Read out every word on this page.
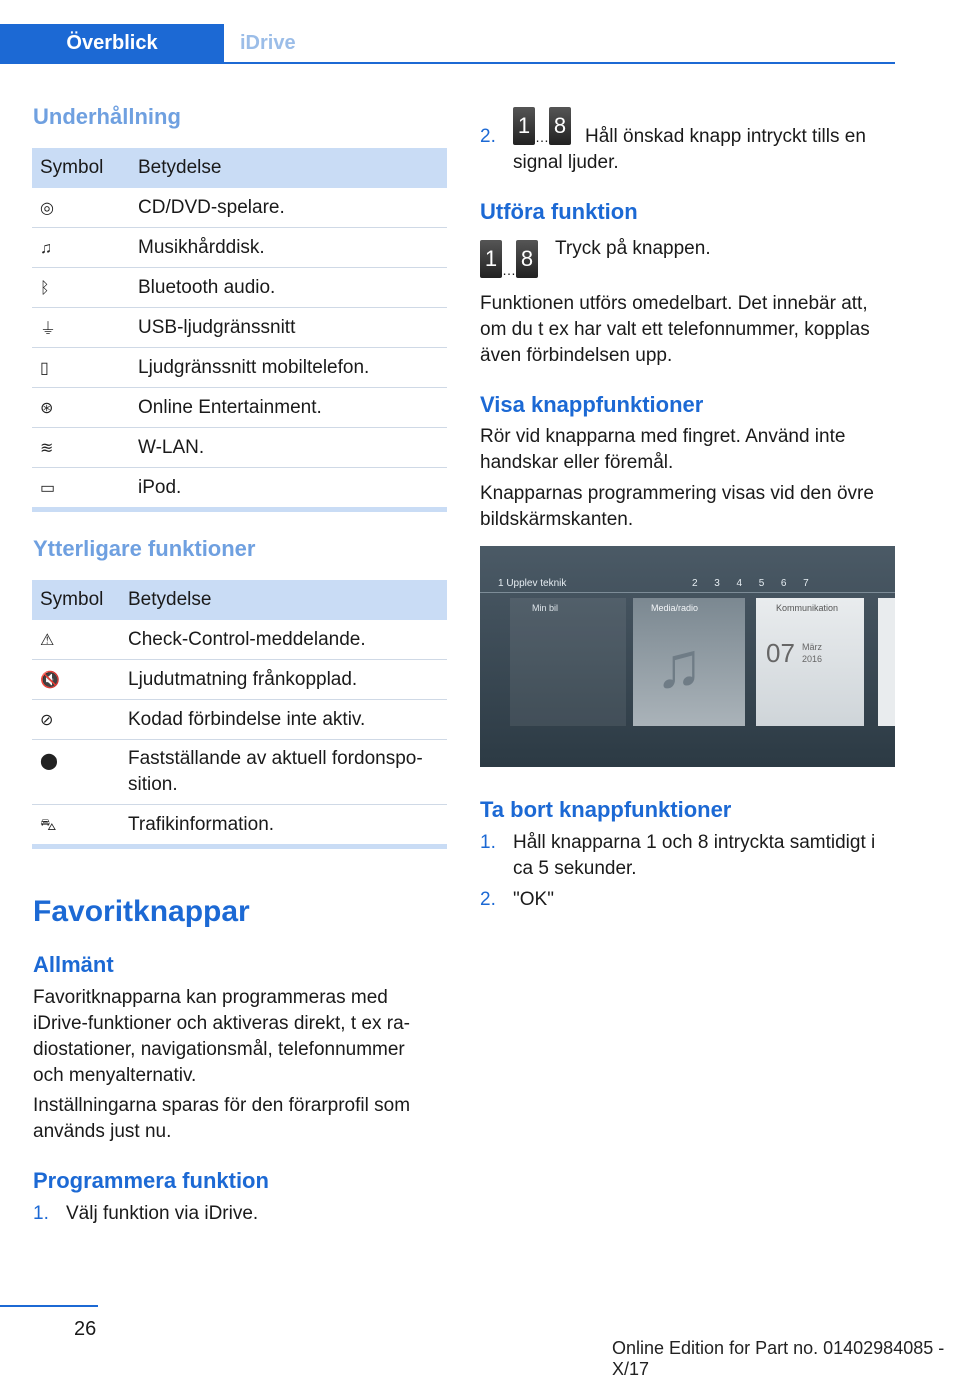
Överblick	iDrive
Underhållning
Symbol	Betydelse
◎	CD/DVD-spelare.
♫	Musikhårddisk.
ᛒ	Bluetooth audio.
⏚	USB-ljudgränssnitt
▯	Ljudgränssnitt mobiltelefon.
⊛	Online Entertainment.
≋	W-LAN.
▭	iPod.
Ytterligare funktioner
Symbol	Betydelse
⚠	Check-Control-meddelande.
🔇	Ljudutmatning frånkopplad.
⊘	Kodad förbindelse inte aktiv.
⬤	Fastställande av aktuell fordonspo‐
sition.
⛍	Trafikinformation.
Favoritknappar
Allmänt

Favoritknapparna kan programmeras med iDrive-funktioner och aktiveras direkt, t ex ra‐ diostationer, navigationsmål, telefonnummer och menyalternativ.

Inställningarna sparas för den förarprofil som används just nu.

Programmera funktion
1. Välj funktion via iDrive.

2. 1 … 8 Håll önskad knapp intryckt tills en signal ljuder.

Utföra funktion
1 … 8 Tryck på knappen.

Funktionen utförs omedelbart. Det innebär att, om du t ex har valt ett telefonnummer, kopplas även förbindelsen upp.

Visa knappfunktioner

Rör vid knapparna med fingret. Använd inte handskar eller föremål.

Knapparnas programmering visas vid den övre bildskärmskanten.

1 Upplev teknik	2      3      4      5      6      7
Min bil	Media/radio
♫
Kommunikation
07 März
2016
Ta bort knappfunktioner
1. Håll knapparna 1 och 8 intryckta samtidigt i ca 5 sekunder.

2. "OK"

26
Online Edition for Part no. 01402984085 - X/17
